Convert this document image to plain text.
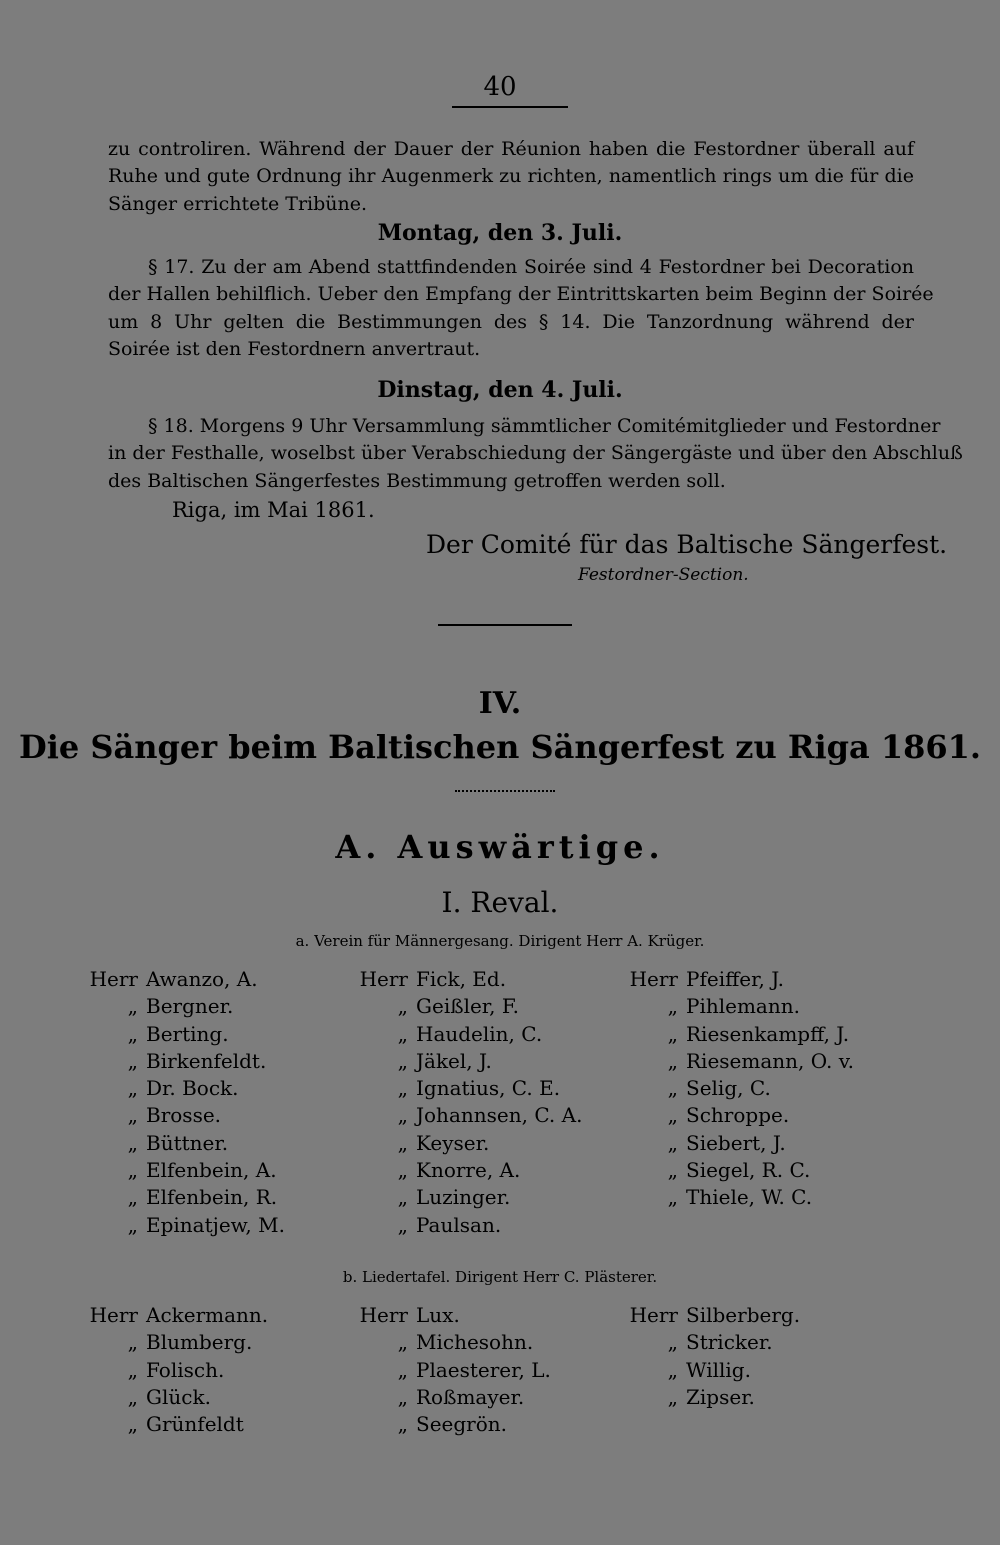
40
zu controliren. Während der Dauer der Réunion haben die Festordner überall auf
Ruhe und gute Ordnung ihr Augenmerk zu richten, namentlich rings um die für die
Sänger errichtete Tribüne.
Montag, den 3. Juli.
§ 17. Zu der am Abend stattfindenden Soirée sind 4 Festordner bei Decoration
der Hallen behilflich. Ueber den Empfang der Eintrittskarten beim Beginn der Soirée
um 8 Uhr gelten die Bestimmungen des § 14. Die Tanzordnung während der
Soirée ist den Festordnern anvertraut.
Dinstag, den 4. Juli.
§ 18. Morgens 9 Uhr Versammlung sämmtlicher Comitémitglieder und Festordner
in der Festhalle, woselbst über Verabschiedung der Sängergäste und über den Abschluß
des Baltischen Sängerfestes Bestimmung getroffen werden soll.
Riga, im Mai 1861.
Der Comité für das Baltische Sängerfest.
Festordner-Section.
IV.
Die Sänger beim Baltischen Sängerfest zu Riga 1861.
A. Auswärtige.
I. Reval.
a. Verein für Männergesang. Dirigent Herr A. Krüger.
Herr Awanzo, A.
„ Bergner.
„ Berting.
„ Birkenfeldt.
„ Dr. Bock.
„ Brosse.
„ Büttner.
„ Elfenbein, A.
„ Elfenbein, R.
„ Epinatjew, M.
Herr Fick, Ed.
„ Geißler, F.
„ Haudelin, C.
„ Jäkel, J.
„ Ignatius, C. E.
„ Johannsen, C. A.
„ Keyser.
„ Knorre, A.
„ Luzinger.
„ Paulsan.
Herr Pfeiffer, J.
„ Pihlemann.
„ Riesenkampff, J.
„ Riesemann, O. v.
„ Selig, C.
„ Schroppe.
„ Siebert, J.
„ Siegel, R. C.
„ Thiele, W. C.
b. Liedertafel. Dirigent Herr C. Plästerer.
Herr Ackermann.
„ Blumberg.
„ Folisch.
„ Glück.
„ Grünfeldt
Herr Lux.
„ Michesohn.
„ Plaesterer, L.
„ Roßmayer.
„ Seegrön.
Herr Silberberg.
„ Stricker.
„ Willig.
„ Zipser.
